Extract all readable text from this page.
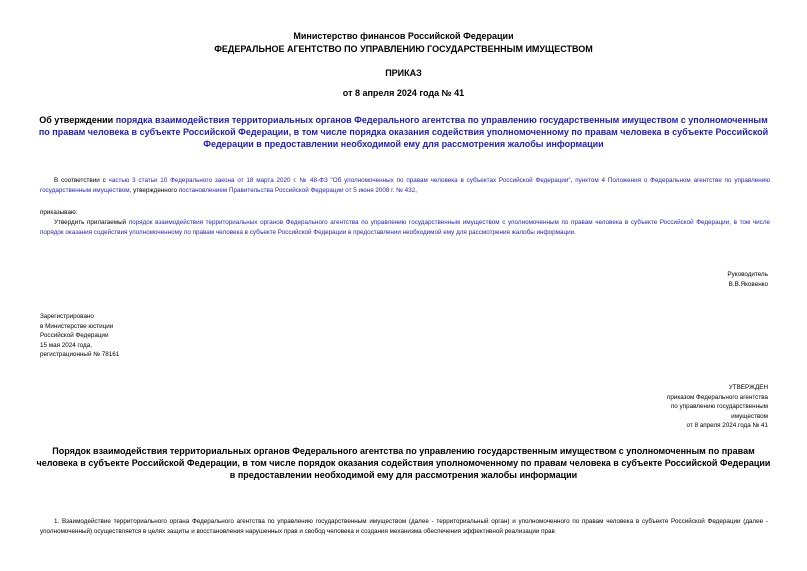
Министерство финансов Российской Федерации
ФЕДЕРАЛЬНОЕ АГЕНТСТВО ПО УПРАВЛЕНИЮ ГОСУДАРСТВЕННЫМ ИМУЩЕСТВОМ
ПРИКАЗ
от 8 апреля 2024 года № 41
Об утверждении порядка взаимодействия территориальных органов Федерального агентства по управлению государственным имуществом с уполномоченным по правам человека в субъекте Российской Федерации, в том числе порядка оказания содействия уполномоченному по правам человека в субъекте Российской Федерации в предоставлении необходимой ему для рассмотрения жалобы информации
В соответствии с частью 3 статьи 10 Федерального закона от 18 марта 2020 г. № 48-ФЗ "Об уполномоченных по правам человека в субъектах Российской Федерации", пунктом 4 Положения о Федеральном агентстве по управлению государственным имуществом, утвержденного постановлением Правительства Российской Федерации от 5 июня 2008 г. № 432,
приказываю:
Утвердить прилагаемый порядок взаимодействия территориальных органов Федерального агентства по управлению государственным имуществом с уполномоченным по правам человека в субъекте Российской Федерации, в том числе порядок оказания содействия уполномоченному по правам человека в субъекте Российской Федерации в предоставлении необходимой ему для рассмотрения жалобы информации.
Руководитель
В.В.Яковенко
Зарегистрировано
в Министерстве юстиции
Российской Федерации
15 мая 2024 года,
регистрационный № 78161
УТВЕРЖДЕН
приказом Федерального агентства
по управлению государственным
имуществом
от 8 апреля 2024 года № 41
Порядок взаимодействия территориальных органов Федерального агентства по управлению государственным имуществом с уполномоченным по правам человека в субъекте Российской Федерации, в том числе порядок оказания содействия уполномоченному по правам человека в субъекте Российской Федерации в предоставлении необходимой ему для рассмотрения жалобы информации
1. Взаимодействие территориального органа Федерального агентства по управлению государственным имуществом (далее - территориальный орган) и уполномоченного по правам человека в субъекте Российской Федерации (далее - уполномоченный) осуществляется в целях защиты и восстановления нарушенных прав и свобод человека и создания механизма обеспечения эффективной реализации прав
